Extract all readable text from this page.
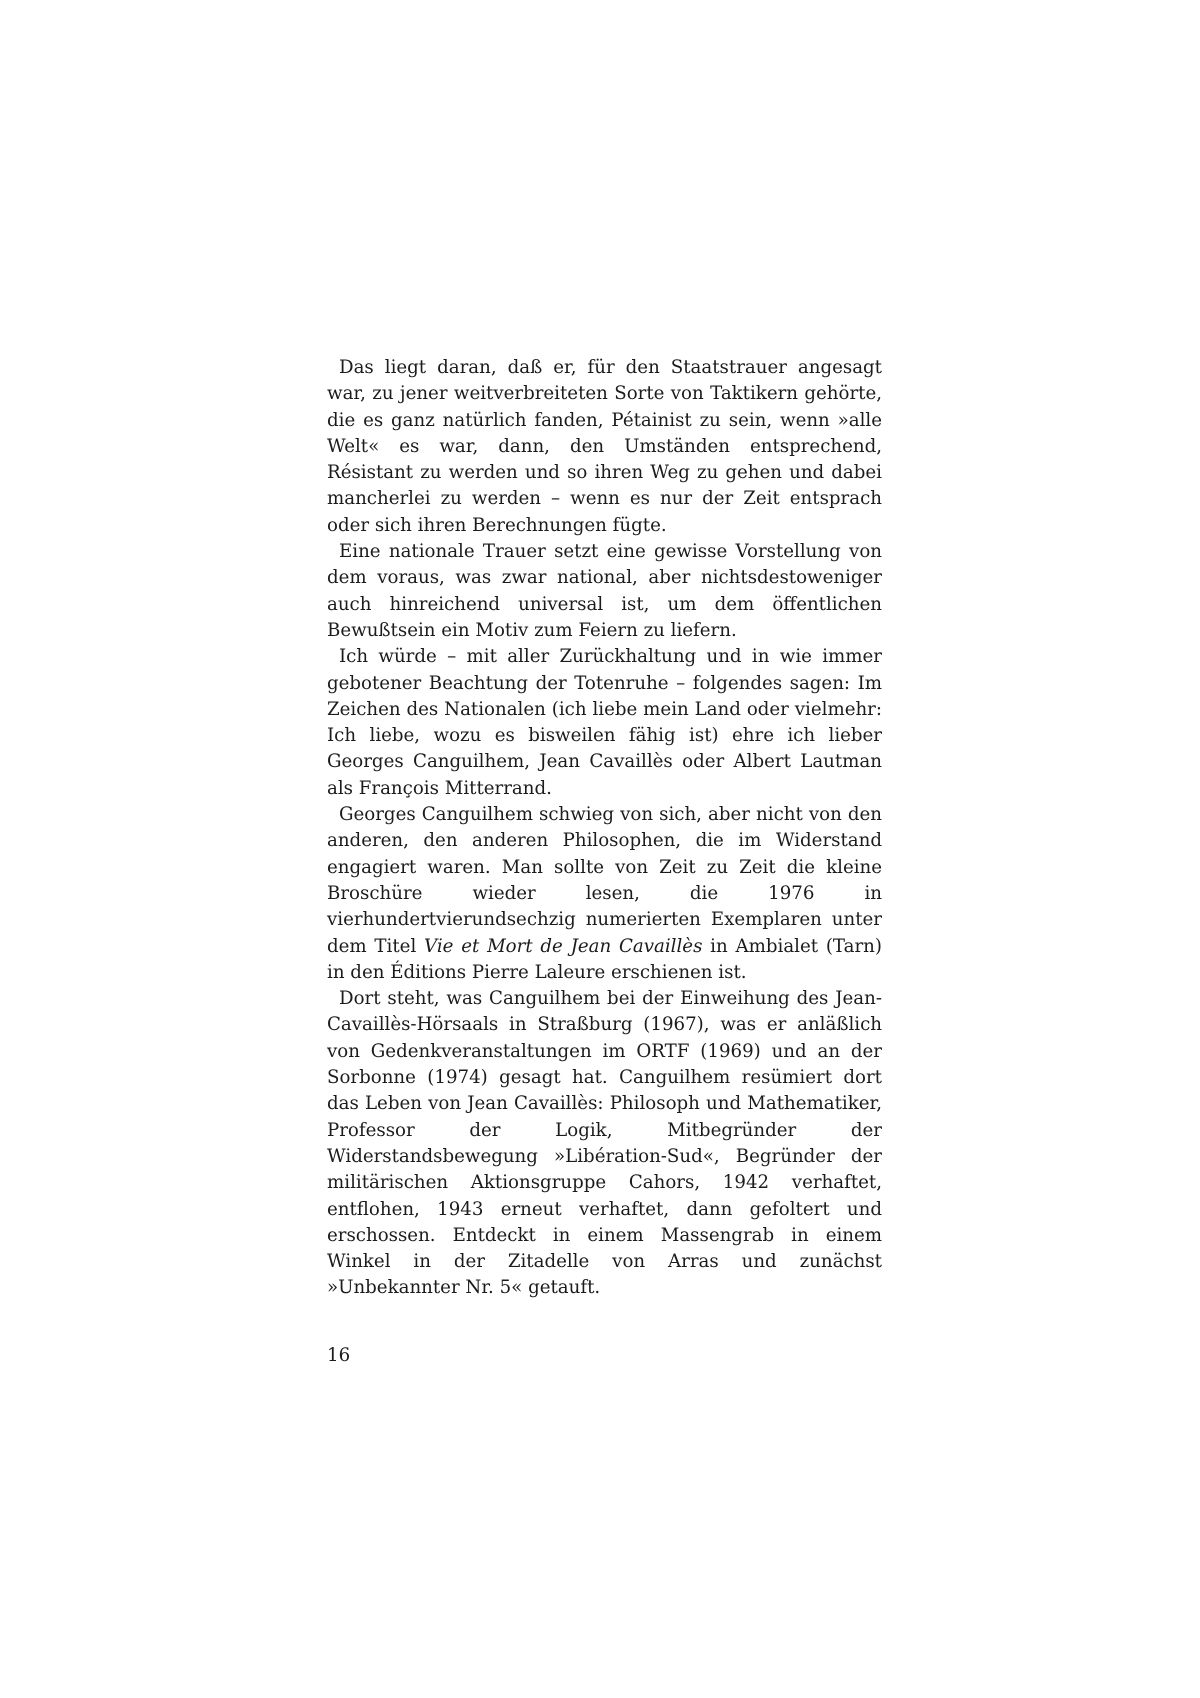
Das liegt daran, daß er, für den Staatstrauer angesagt war, zu jener weitverbreiteten Sorte von Taktikern gehörte, die es ganz natürlich fanden, Pétainist zu sein, wenn »alle Welt« es war, dann, den Umständen entsprechend, Résistant zu werden und so ihren Weg zu gehen und dabei mancherlei zu werden – wenn es nur der Zeit entsprach oder sich ihren Berechnungen fügte.

Eine nationale Trauer setzt eine gewisse Vorstellung von dem voraus, was zwar national, aber nichtsdestoweniger auch hinreichend universal ist, um dem öffentlichen Bewußtsein ein Motiv zum Feiern zu liefern.

Ich würde – mit aller Zurückhaltung und in wie immer gebotener Beachtung der Totenruhe – folgendes sagen: Im Zeichen des Nationalen (ich liebe mein Land oder vielmehr: Ich liebe, wozu es bisweilen fähig ist) ehre ich lieber Georges Canguilhem, Jean Cavaillès oder Albert Lautman als François Mitterrand.

Georges Canguilhem schwieg von sich, aber nicht von den anderen, den anderen Philosophen, die im Widerstand engagiert waren. Man sollte von Zeit zu Zeit die kleine Broschüre wieder lesen, die 1976 in vierhundertvierundsechzig numerierten Exemplaren unter dem Titel Vie et Mort de Jean Cavaillès in Ambialet (Tarn) in den Éditions Pierre Laleure erschienen ist.

Dort steht, was Canguilhem bei der Einweihung des Jean-Cavaillès-Hörsaals in Straßburg (1967), was er anläßlich von Gedenkveranstaltungen im ORTF (1969) und an der Sorbonne (1974) gesagt hat. Canguilhem resümiert dort das Leben von Jean Cavaillès: Philosoph und Mathematiker, Professor der Logik, Mitbegründer der Widerstandsbewegung »Libération-Sud«, Begründer der militärischen Aktionsgruppe Cahors, 1942 verhaftet, entflohen, 1943 erneut verhaftet, dann gefoltert und erschossen. Entdeckt in einem Massengrab in einem Winkel in der Zitadelle von Arras und zunächst »Unbekannter Nr. 5« getauft.

16
